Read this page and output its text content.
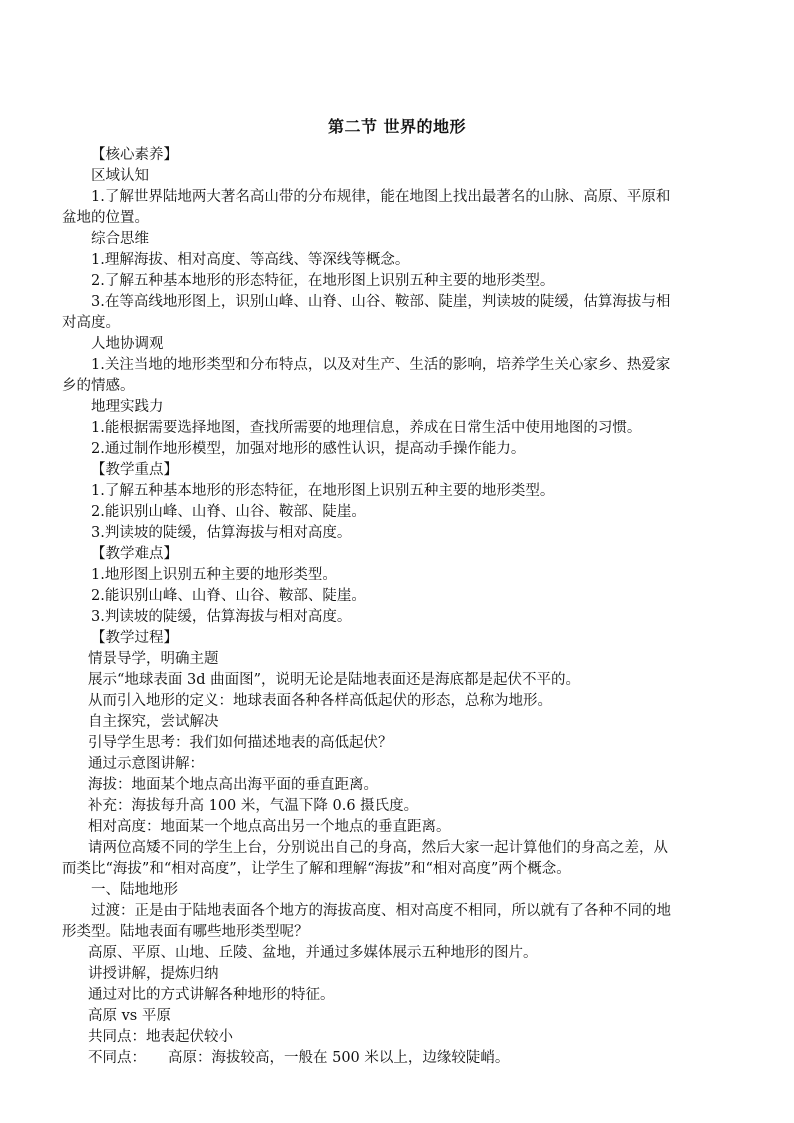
第二节 世界的地形
【核心素养】
区域认知
1.了解世界陆地两大著名高山带的分布规律，能在地图上找出最著名的山脉、高原、平原和
盆地的位置。
综合思维
1.理解海拔、相对高度、等高线、等深线等概念。
2.了解五种基本地形的形态特征，在地形图上识别五种主要的地形类型。
3.在等高线地形图上，识别山峰、山脊、山谷、鞍部、陡崖，判读坡的陡缓，估算海拔与相
对高度。
人地协调观
1.关注当地的地形类型和分布特点，以及对生产、生活的影响，培养学生关心家乡、热爱家
乡的情感。
地理实践力
1.能根据需要选择地图，查找所需要的地理信息，养成在日常生活中使用地图的习惯。
2.通过制作地形模型，加强对地形的感性认识，提高动手操作能力。
【教学重点】
1.了解五种基本地形的形态特征，在地形图上识别五种主要的地形类型。
2.能识别山峰、山脊、山谷、鞍部、陡崖。
3.判读坡的陡缓，估算海拔与相对高度。
【教学难点】
1.地形图上识别五种主要的地形类型。
2.能识别山峰、山脊、山谷、鞍部、陡崖。
3.判读坡的陡缓，估算海拔与相对高度。
【教学过程】
情景导学，明确主题
展示“地球表面 3d 曲面图”，说明无论是陆地表面还是海底都是起伏不平的。
从而引入地形的定义：地球表面各种各样高低起伏的形态，总称为地形。
自主探究，尝试解决
引导学生思考：我们如何描述地表的高低起伏？
通过示意图讲解：
海拔：地面某个地点高出海平面的垂直距离。
补充：海拔每升高 100 米，气温下降 0.6 摄氏度。
相对高度：地面某一个地点高出另一个地点的垂直距离。
请两位高矮不同的学生上台，分别说出自己的身高，然后大家一起计算他们的身高之差，从
而类比“海拔”和“相对高度”，让学生了解和理解“海拔”和“相对高度”两个概念。
一、陆地地形
过渡：正是由于陆地表面各个地方的海拔高度、相对高度不相同，所以就有了各种不同的地
形类型。陆地表面有哪些地形类型呢？
高原、平原、山地、丘陵、盆地，并通过多媒体展示五种地形的图片。
讲授讲解，提炼归纳
通过对比的方式讲解各种地形的特征。
高原 vs 平原
共同点：地表起伏较小
不同点： 高原：海拔较高，一般在 500 米以上，边缘较陡峭。
